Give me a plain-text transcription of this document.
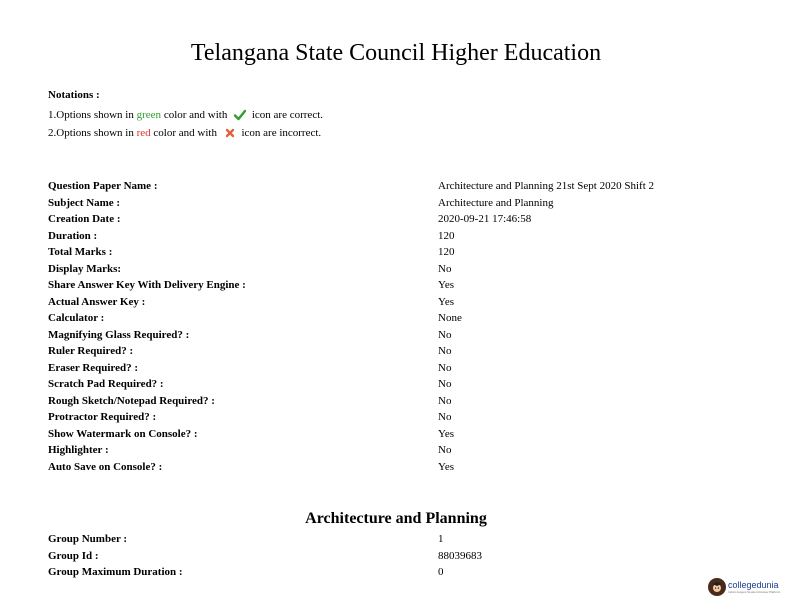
Telangana State Council Higher Education
Notations :
1.Options shown in green color and with icon are correct.
2.Options shown in red color and with icon are incorrect.
Question Paper Name :	Architecture and Planning 21st Sept 2020 Shift 2
Subject Name :	Architecture and Planning
Creation Date :	2020-09-21 17:46:58
Duration :	120
Total Marks :	120
Display Marks:	No
Share Answer Key With Delivery Engine :	Yes
Actual Answer Key :	Yes
Calculator :	None
Magnifying Glass Required? :	No
Ruler Required? :	No
Eraser Required? :	No
Scratch Pad Required? :	No
Rough Sketch/Notepad Required? :	No
Protractor Required? :	No
Show Watermark on Console? :	Yes
Highlighter :	No
Auto Save on Console? :	Yes
Architecture and Planning
Group Number :	1
Group Id :	88039683
Group Maximum Duration :	0
collegedunia
India's largest Student Review Platform
